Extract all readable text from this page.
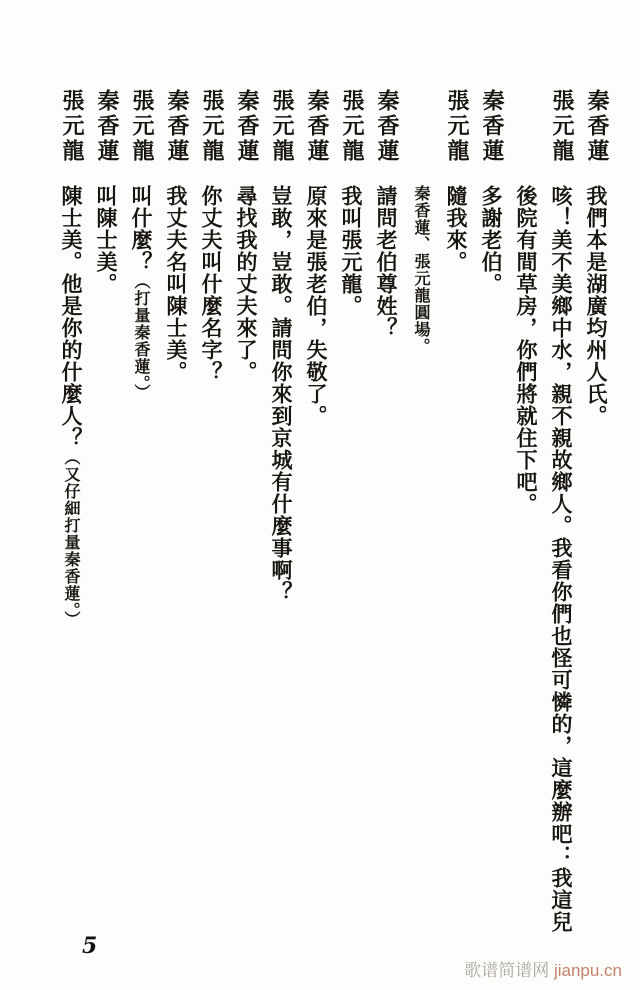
秦香蓮
我們本是湖廣均州人氏。
張元龍
咳！美不美鄉中水，親不親故鄉人。我看你們也怪可憐的，這麼辦吧：我這兒後院有間草房，你們將就住下吧。
秦香蓮
多謝老伯。
張元龍
隨我來。
秦香蓮、張元龍圓場。
秦香蓮
請問老伯尊姓？
張元龍
我叫張元龍。
秦香蓮
原來是張老伯，失敬了。
張元龍
豈敢，豈敢。請問你來到京城有什麼事啊？
秦香蓮
尋找我的丈夫來了。
張元龍
你丈夫叫什麼名字？
秦香蓮
我丈夫名叫陳士美。
張元龍
叫什麼？（打量秦香蓮。）
秦香蓮
叫陳士美。
張元龍
陳士美。他是你的什麼人？（又仔細打量秦香蓮。）
5
歌谱简谱网 jianpu.cn
